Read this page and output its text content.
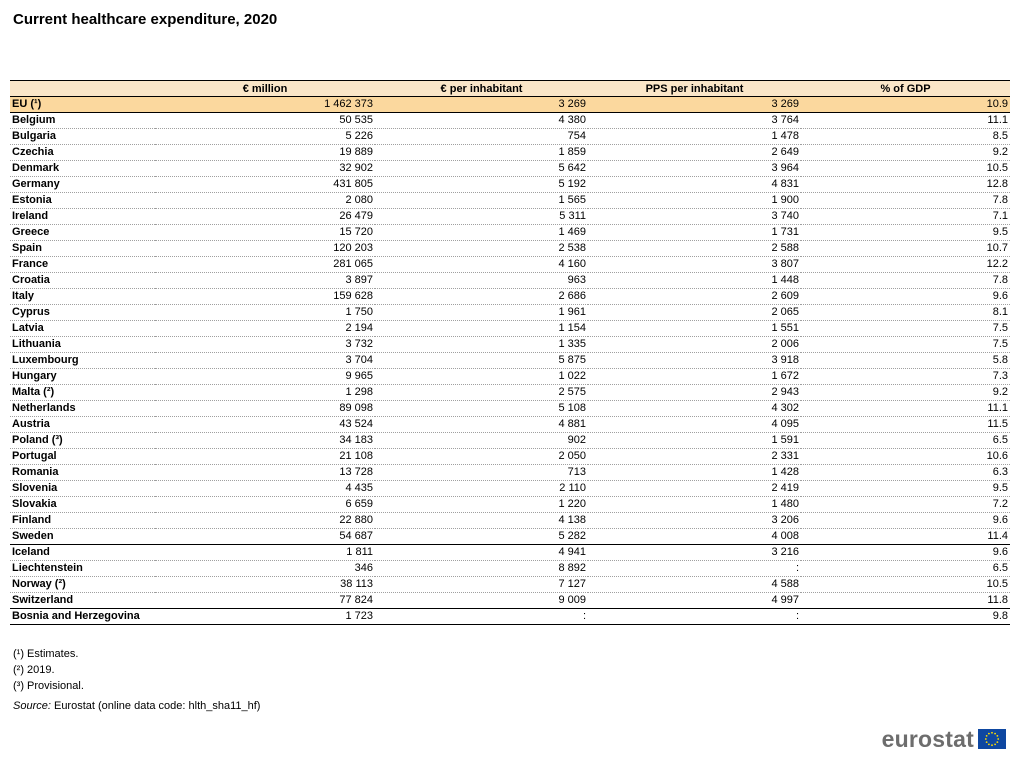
Current healthcare expenditure, 2020
	€ million	€ per inhabitant	PPS per inhabitant	% of GDP
EU (¹)	1 462 373	3 269	3 269	10.9
Belgium	50 535	4 380	3 764	11.1
Bulgaria	5 226	754	1 478	8.5
Czechia	19 889	1 859	2 649	9.2
Denmark	32 902	5 642	3 964	10.5
Germany	431 805	5 192	4 831	12.8
Estonia	2 080	1 565	1 900	7.8
Ireland	26 479	5 311	3 740	7.1
Greece	15 720	1 469	1 731	9.5
Spain	120 203	2 538	2 588	10.7
France	281 065	4 160	3 807	12.2
Croatia	3 897	963	1 448	7.8
Italy	159 628	2 686	2 609	9.6
Cyprus	1 750	1 961	2 065	8.1
Latvia	2 194	1 154	1 551	7.5
Lithuania	3 732	1 335	2 006	7.5
Luxembourg	3 704	5 875	3 918	5.8
Hungary	9 965	1 022	1 672	7.3
Malta (²)	1 298	2 575	2 943	9.2
Netherlands	89 098	5 108	4 302	11.1
Austria	43 524	4 881	4 095	11.5
Poland (³)	34 183	902	1 591	6.5
Portugal	21 108	2 050	2 331	10.6
Romania	13 728	713	1 428	6.3
Slovenia	4 435	2 110	2 419	9.5
Slovakia	6 659	1 220	1 480	7.2
Finland	22 880	4 138	3 206	9.6
Sweden	54 687	5 282	4 008	11.4
Iceland	1 811	4 941	3 216	9.6
Liechtenstein	346	8 892	:	6.5
Norway (²)	38 113	7 127	4 588	10.5
Switzerland	77 824	9 009	4 997	11.8
Bosnia and Herzegovina	1 723	:	:	9.8
(¹) Estimates.
(²) 2019.
(³) Provisional.
Source: Eurostat (online data code: hlth_sha11_hf)
eurostat
